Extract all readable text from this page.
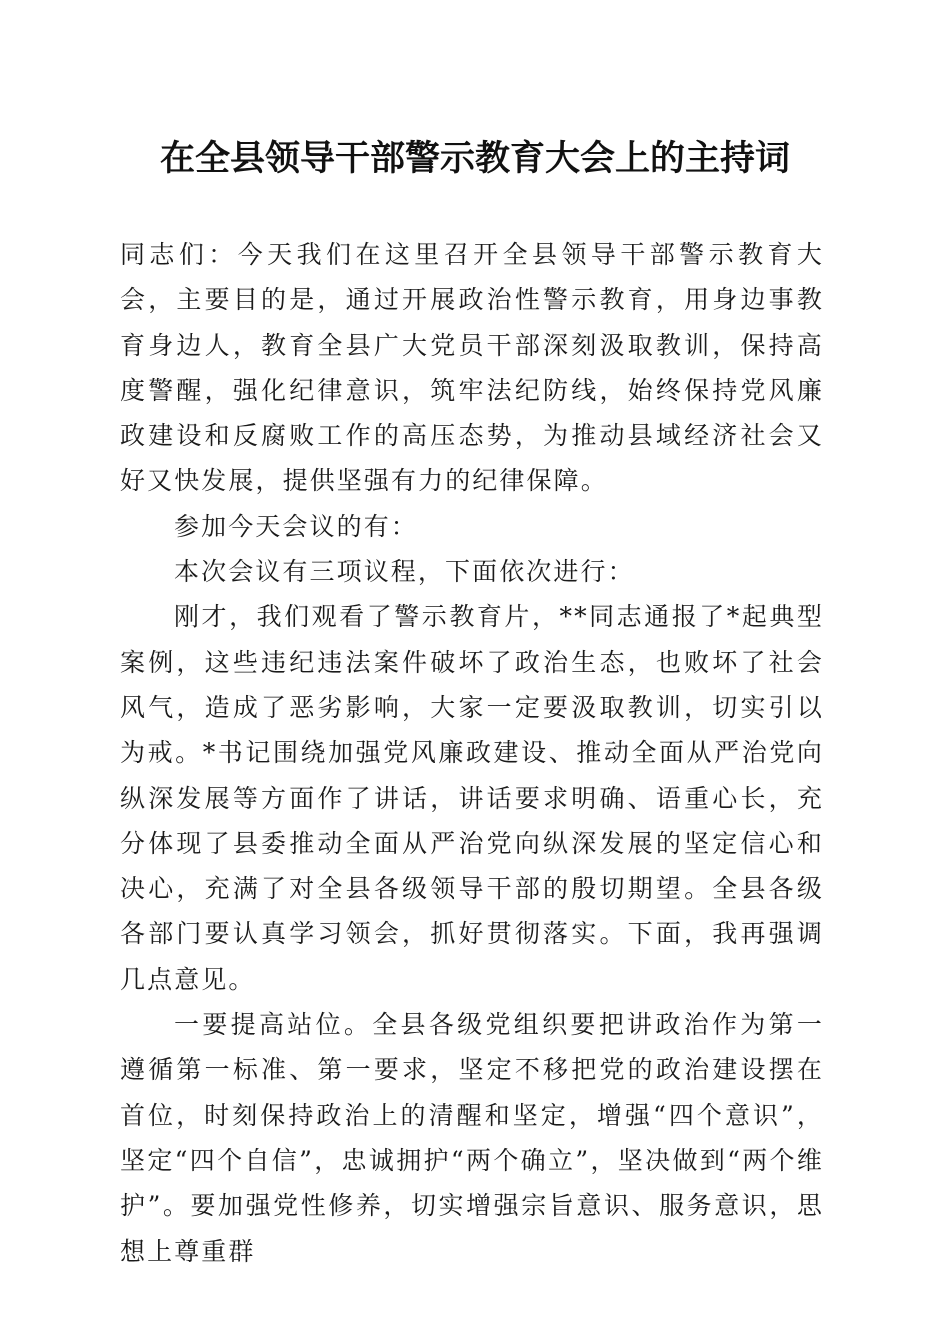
在全县领导干部警示教育大会上的主持词

同志们：今天我们在这里召开全县领导干部警示教育大会，主要目的是，通过开展政治性警示教育，用身边事教育身边人，教育全县广大党员干部深刻汲取教训，保持高度警醒，强化纪律意识，筑牢法纪防线，始终保持党风廉政建设和反腐败工作的高压态势，为推动县域经济社会又好又快发展，提供坚强有力的纪律保障。

参加今天会议的有：

本次会议有三项议程，下面依次进行：

刚才，我们观看了警示教育片，**同志通报了*起典型案例，这些违纪违法案件破坏了政治生态，也败坏了社会风气，造成了恶劣影响，大家一定要汲取教训，切实引以为戒。*书记围绕加强党风廉政建设、推动全面从严治党向纵深发展等方面作了讲话，讲话要求明确、语重心长，充分体现了县委推动全面从严治党向纵深发展的坚定信心和决心，充满了对全县各级领导干部的殷切期望。全县各级各部门要认真学习领会，抓好贯彻落实。下面，我再强调几点意见。

一要提高站位。全县各级党组织要把讲政治作为第一遵循第一标准、第一要求，坚定不移把党的政治建设摆在首位，时刻保持政治上的清醒和坚定，增强“四个意识”，坚定“四个自信”，忠诚拥护“两个确立”，坚决做到“两个维护”。要加强党性修养，切实增强宗旨意识、服务意识，思想上尊重群
